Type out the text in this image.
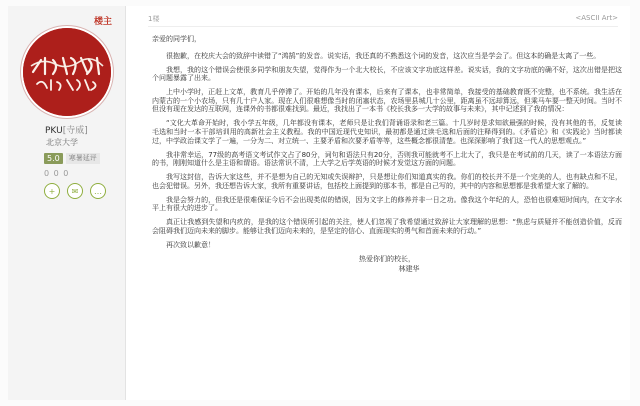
楼主
PKU[寺威]
北京大学
5.0	寒暑延评
0 0 0
+	✉	…
1楼	<ASCII Art>

亲爱的同学们，

很抱歉，在校庆大会的致辞中读错了“鸿鹄”的发音。说实话，我还真的不熟悉这个词的发音，这次应当是学会了。但这本的确是太离了一些。

我想，我的这个错误会使很多同学和朋友失望，觉得作为一个北大校长，不应该文字功底这样差。说实话，我的文字功底的确不好，这次出错是把这个问题暴露了出来。

上中小学时，正赶上文革，教育几乎停滞了。开始的几年没有课本，后来有了课本，也非常简单，我接受的基础教育既不完整，也不系统。我生活在内蒙古的一个小农场，只有几十户人家。现在人们很难想像当时的闭塞状态，农场里县城几十公里，距离虽不远却算远，但乘马车要一整天时间。当时不但没有现在发达的互联网，连课外的书都很难找到。最近，我找出了一本书《校长我多一大学的故事与未来》，其中记述到了我的情况：

“文化大革命开始时，我小学五年级，几年都没有课本，老师只是让我们背诵语录和老三篇。十几岁时是求知欲最强的时候，没有其他的书，反复读毛选和当时一本干部培训用的高新社会主义教程。我的中国近现代史知识，最初都是通过读毛选和后面的注释得到的。《矛盾论》和《实践论》当时都读过，中学政治课文学了一遍，一分为二、对立统一、主要矛盾和次要矛盾等等，这些概念都很清楚。也深深影响了我们这一代人的思想观点。”

我非常幸运，77级的高考语文考试作文占了80分，词句和语法只有20分，否则我可能就考不上北大了，我只是在考试前的几天，读了一本语法方面的书，刚刚知道什么是主语和谓语。语法常识不清，上大学之后学英语的时候才发觉这方面的问题。

我写这封信，告诉大家这些，并不是想为自己的无知或失误辩护，只是想让你们知道真实的我。你们的校长并不是一个完美的人，也有缺点和不足，也会犯错误。另外，我还想告诉大家，我所有重要讲话，包括校上面提到的那本书，都是自己写的，其中的内容和思想都是我希望大家了解的。

我是会努力的，但我还是很难保证今后不会出现类似的错误，因为文字上的修养并非一日之功。像我这个年纪的人，恐怕也很难短时间内，在文字水平上有很大的进步了。

真正让我感到失望和内疚的，是我的这个错误所引起的关注，使人们忽视了我希望通过致辞让大家理解的思想：“焦虑与质疑并不能创造价值，反而会阻碍我们迈向未来的脚步。能够让我们迈向未来的，是坚定的信心、直面现实的勇气和首面未来的行动。”

再次致以歉意！

热爱你们的校长，

林建华
